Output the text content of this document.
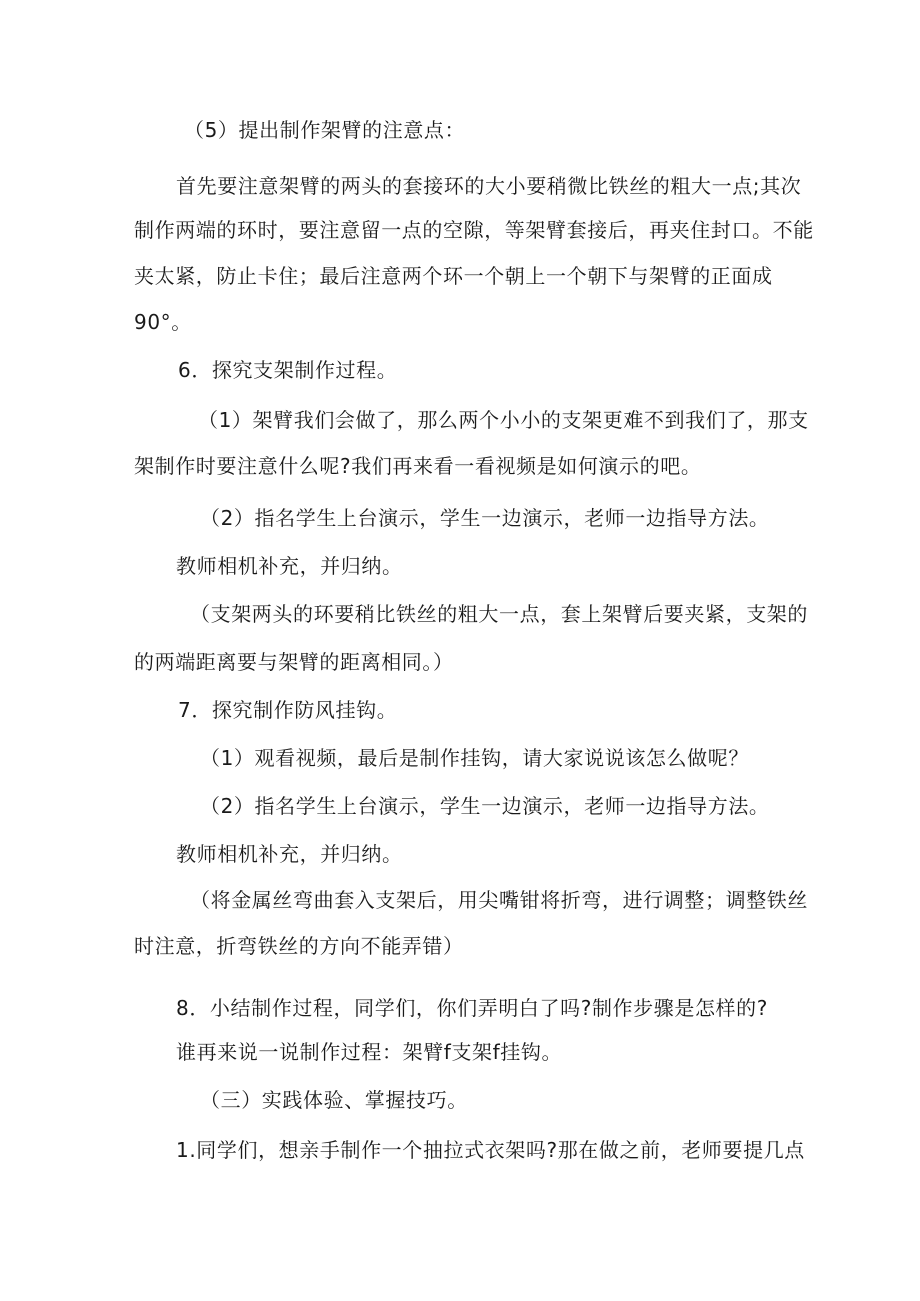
（5）提出制作架臂的注意点：
首先要注意架臂的两头的套接环的大小要稍微比铁丝的粗大一点;其次
制作两端的环时，要注意留一点的空隙，等架臂套接后，再夹住封口。不能
夹太紧，防止卡住；最后注意两个环一个朝上一个朝下与架臂的正面成
90°。
6．探究支架制作过程。
（1）架臂我们会做了，那么两个小小的支架更难不到我们了，那支
架制作时要注意什么呢?我们再来看一看视频是如何演示的吧。
（2）指名学生上台演示，学生一边演示，老师一边指导方法。
教师相机补充，并归纳。
（支架两头的环要稍比铁丝的粗大一点，套上架臂后要夹紧，支架的
的两端距离要与架臂的距离相同。）
7．探究制作防风挂钩。
（1）观看视频，最后是制作挂钩，请大家说说该怎么做呢？
（2）指名学生上台演示，学生一边演示，老师一边指导方法。
教师相机补充，并归纳。
（将金属丝弯曲套入支架后，用尖嘴钳将折弯，进行调整；调整铁丝
时注意，折弯铁丝的方向不能弄错）
8．小结制作过程，同学们，你们弄明白了吗?制作步骤是怎样的?
谁再来说一说制作过程：架臂f支架f挂钩。
（三）实践体验、掌握技巧。
1.同学们，想亲手制作一个抽拉式衣架吗?那在做之前，老师要提几点
